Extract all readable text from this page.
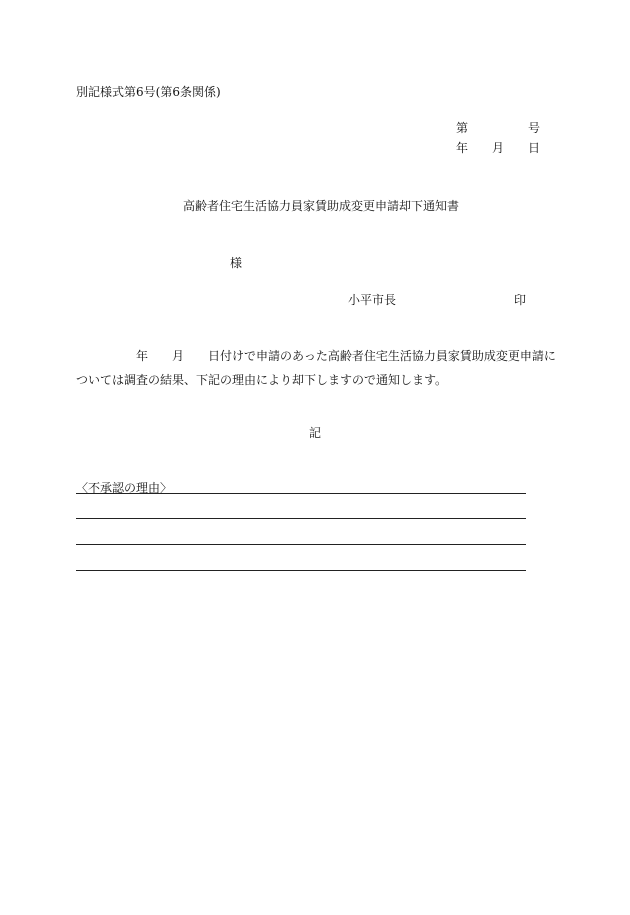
別記様式第6号(第6条関係)
第	号
年 月 日
高齢者住宅生活協力員家賃助成変更申請却下通知書
様
小平市長	印
年 月 日付けで申請のあった高齢者住宅生活協力員家賃助成変更申請に
ついては調査の結果、下記の理由により却下しますので通知します。
記
〈不承認の理由〉
